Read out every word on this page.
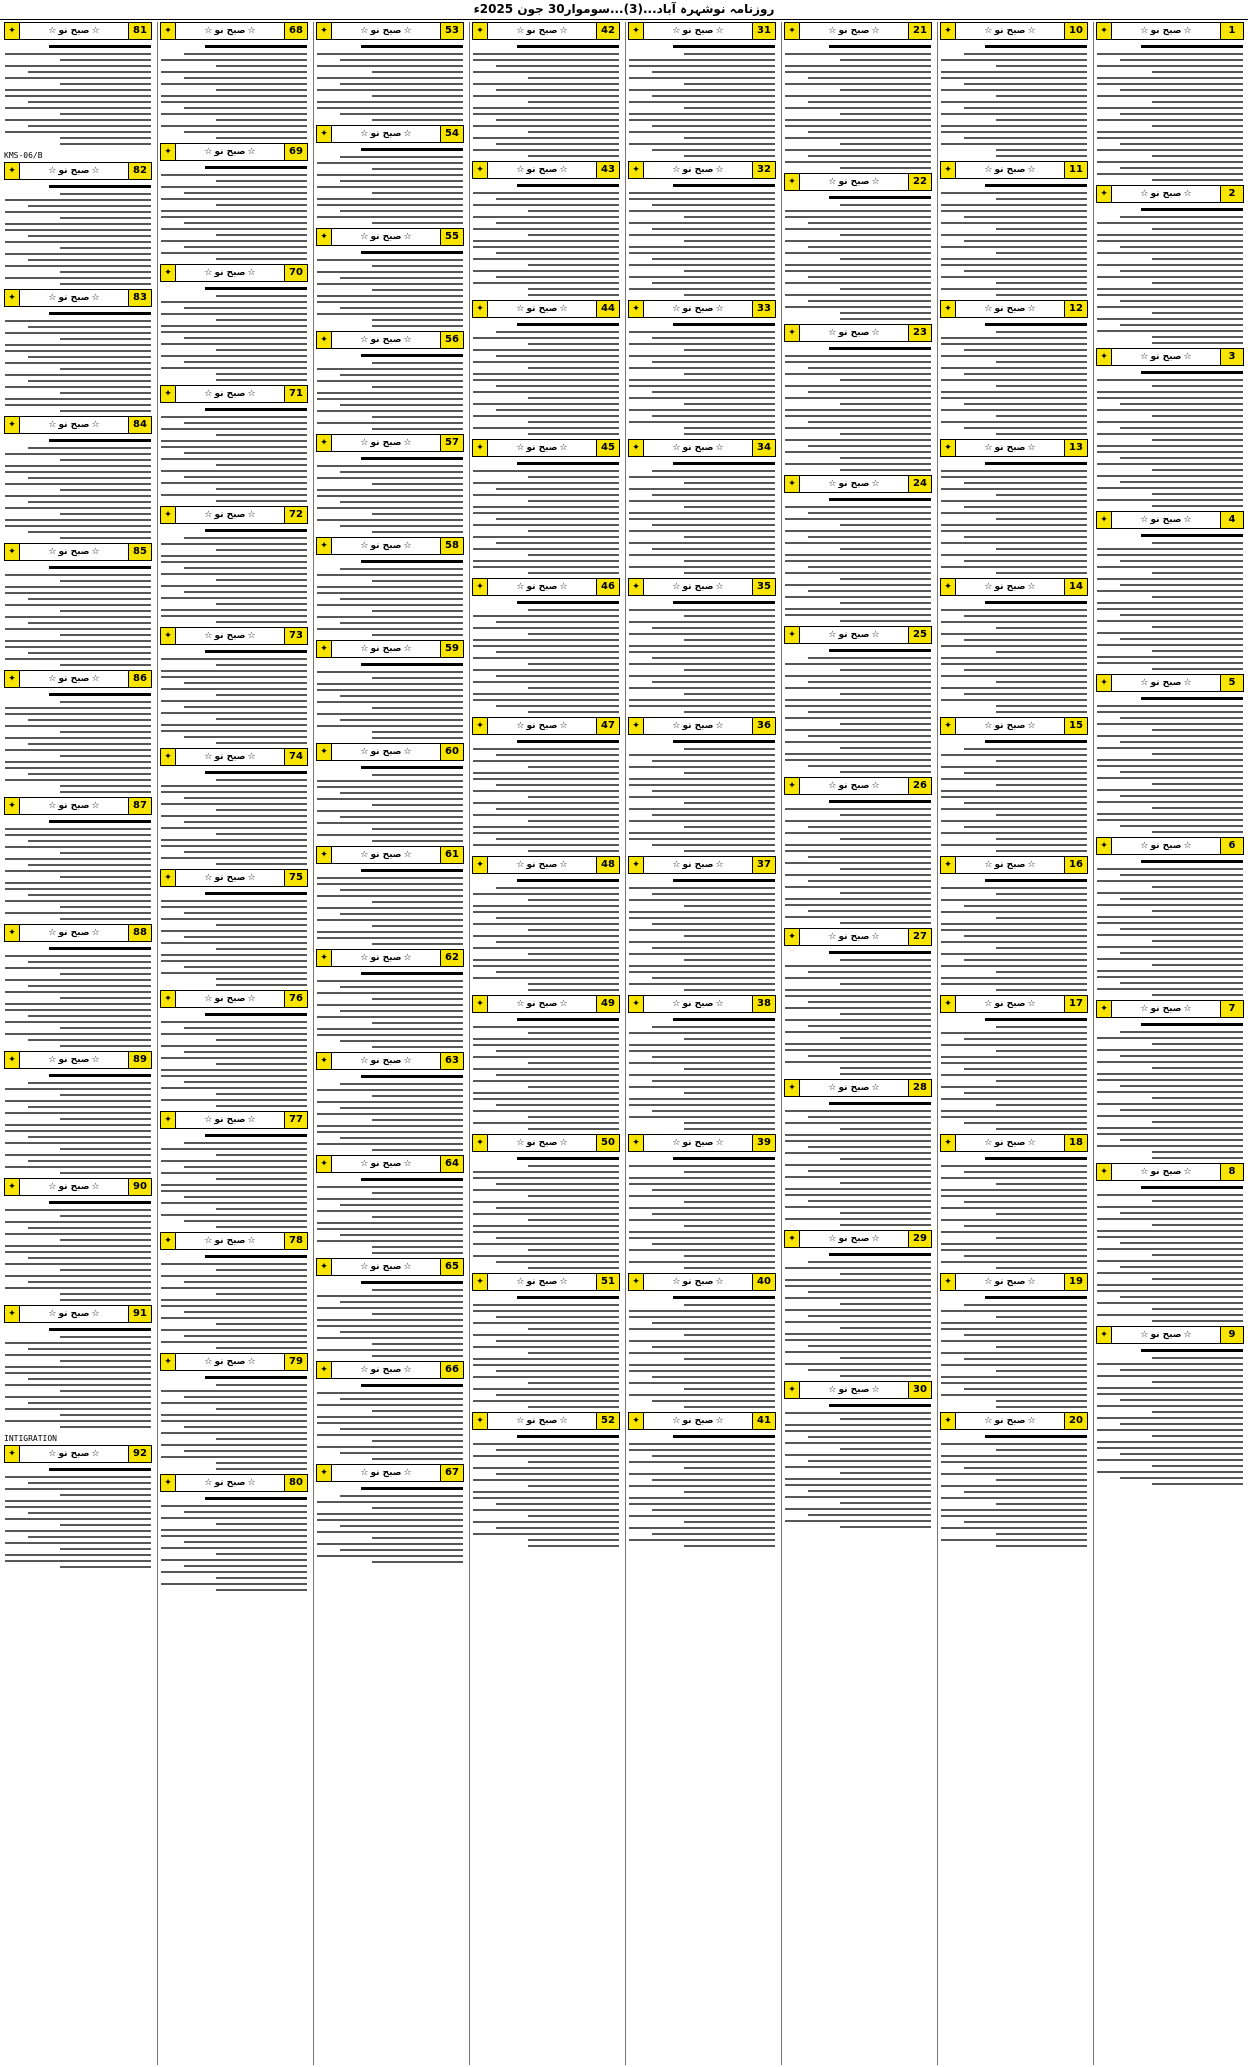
روزنامہ نوشہرہ آباد...(3)...سوموار30 جون 2025ء
1
☆صبح نو☆
✦
2
☆صبح نو☆
✦
3
☆صبح نو☆
✦
4
☆صبح نو☆
✦
5
☆صبح نو☆
✦
6
☆صبح نو☆
✦
7
☆صبح نو☆
✦
8
☆صبح نو☆
✦
9
☆صبح نو☆
✦
10
☆صبح نو☆
✦
11
☆صبح نو☆
✦
12
☆صبح نو☆
✦
13
☆صبح نو☆
✦
14
☆صبح نو☆
✦
15
☆صبح نو☆
✦
16
☆صبح نو☆
✦
17
☆صبح نو☆
✦
18
☆صبح نو☆
✦
19
☆صبح نو☆
✦
20
☆صبح نو☆
✦
21
☆صبح نو☆
✦
22
☆صبح نو☆
✦
23
☆صبح نو☆
✦
24
☆صبح نو☆
✦
25
☆صبح نو☆
✦
26
☆صبح نو☆
✦
27
☆صبح نو☆
✦
28
☆صبح نو☆
✦
29
☆صبح نو☆
✦
30
☆صبح نو☆
✦
31
☆صبح نو☆
✦
32
☆صبح نو☆
✦
33
☆صبح نو☆
✦
34
☆صبح نو☆
✦
35
☆صبح نو☆
✦
36
☆صبح نو☆
✦
37
☆صبح نو☆
✦
38
☆صبح نو☆
✦
39
☆صبح نو☆
✦
40
☆صبح نو☆
✦
41
☆صبح نو☆
✦
42
☆صبح نو☆
✦
43
☆صبح نو☆
✦
44
☆صبح نو☆
✦
45
☆صبح نو☆
✦
46
☆صبح نو☆
✦
47
☆صبح نو☆
✦
48
☆صبح نو☆
✦
49
☆صبح نو☆
✦
50
☆صبح نو☆
✦
51
☆صبح نو☆
✦
52
☆صبح نو☆
✦
53
☆صبح نو☆
✦
54
☆صبح نو☆
✦
55
☆صبح نو☆
✦
56
☆صبح نو☆
✦
57
☆صبح نو☆
✦
58
☆صبح نو☆
✦
59
☆صبح نو☆
✦
60
☆صبح نو☆
✦
61
☆صبح نو☆
✦
62
☆صبح نو☆
✦
63
☆صبح نو☆
✦
64
☆صبح نو☆
✦
65
☆صبح نو☆
✦
66
☆صبح نو☆
✦
67
☆صبح نو☆
✦
68
☆صبح نو☆
✦
69
☆صبح نو☆
✦
70
☆صبح نو☆
✦
71
☆صبح نو☆
✦
72
☆صبح نو☆
✦
73
☆صبح نو☆
✦
74
☆صبح نو☆
✦
75
☆صبح نو☆
✦
76
☆صبح نو☆
✦
77
☆صبح نو☆
✦
78
☆صبح نو☆
✦
79
☆صبح نو☆
✦
80
☆صبح نو☆
✦
81
☆صبح نو☆
✦
KMS-06/B
82
☆صبح نو☆
✦
83
☆صبح نو☆
✦
84
☆صبح نو☆
✦
85
☆صبح نو☆
✦
86
☆صبح نو☆
✦
87
☆صبح نو☆
✦
88
☆صبح نو☆
✦
89
☆صبح نو☆
✦
90
☆صبح نو☆
✦
91
☆صبح نو☆
✦
INTIGRATION
92
☆صبح نو☆
✦
